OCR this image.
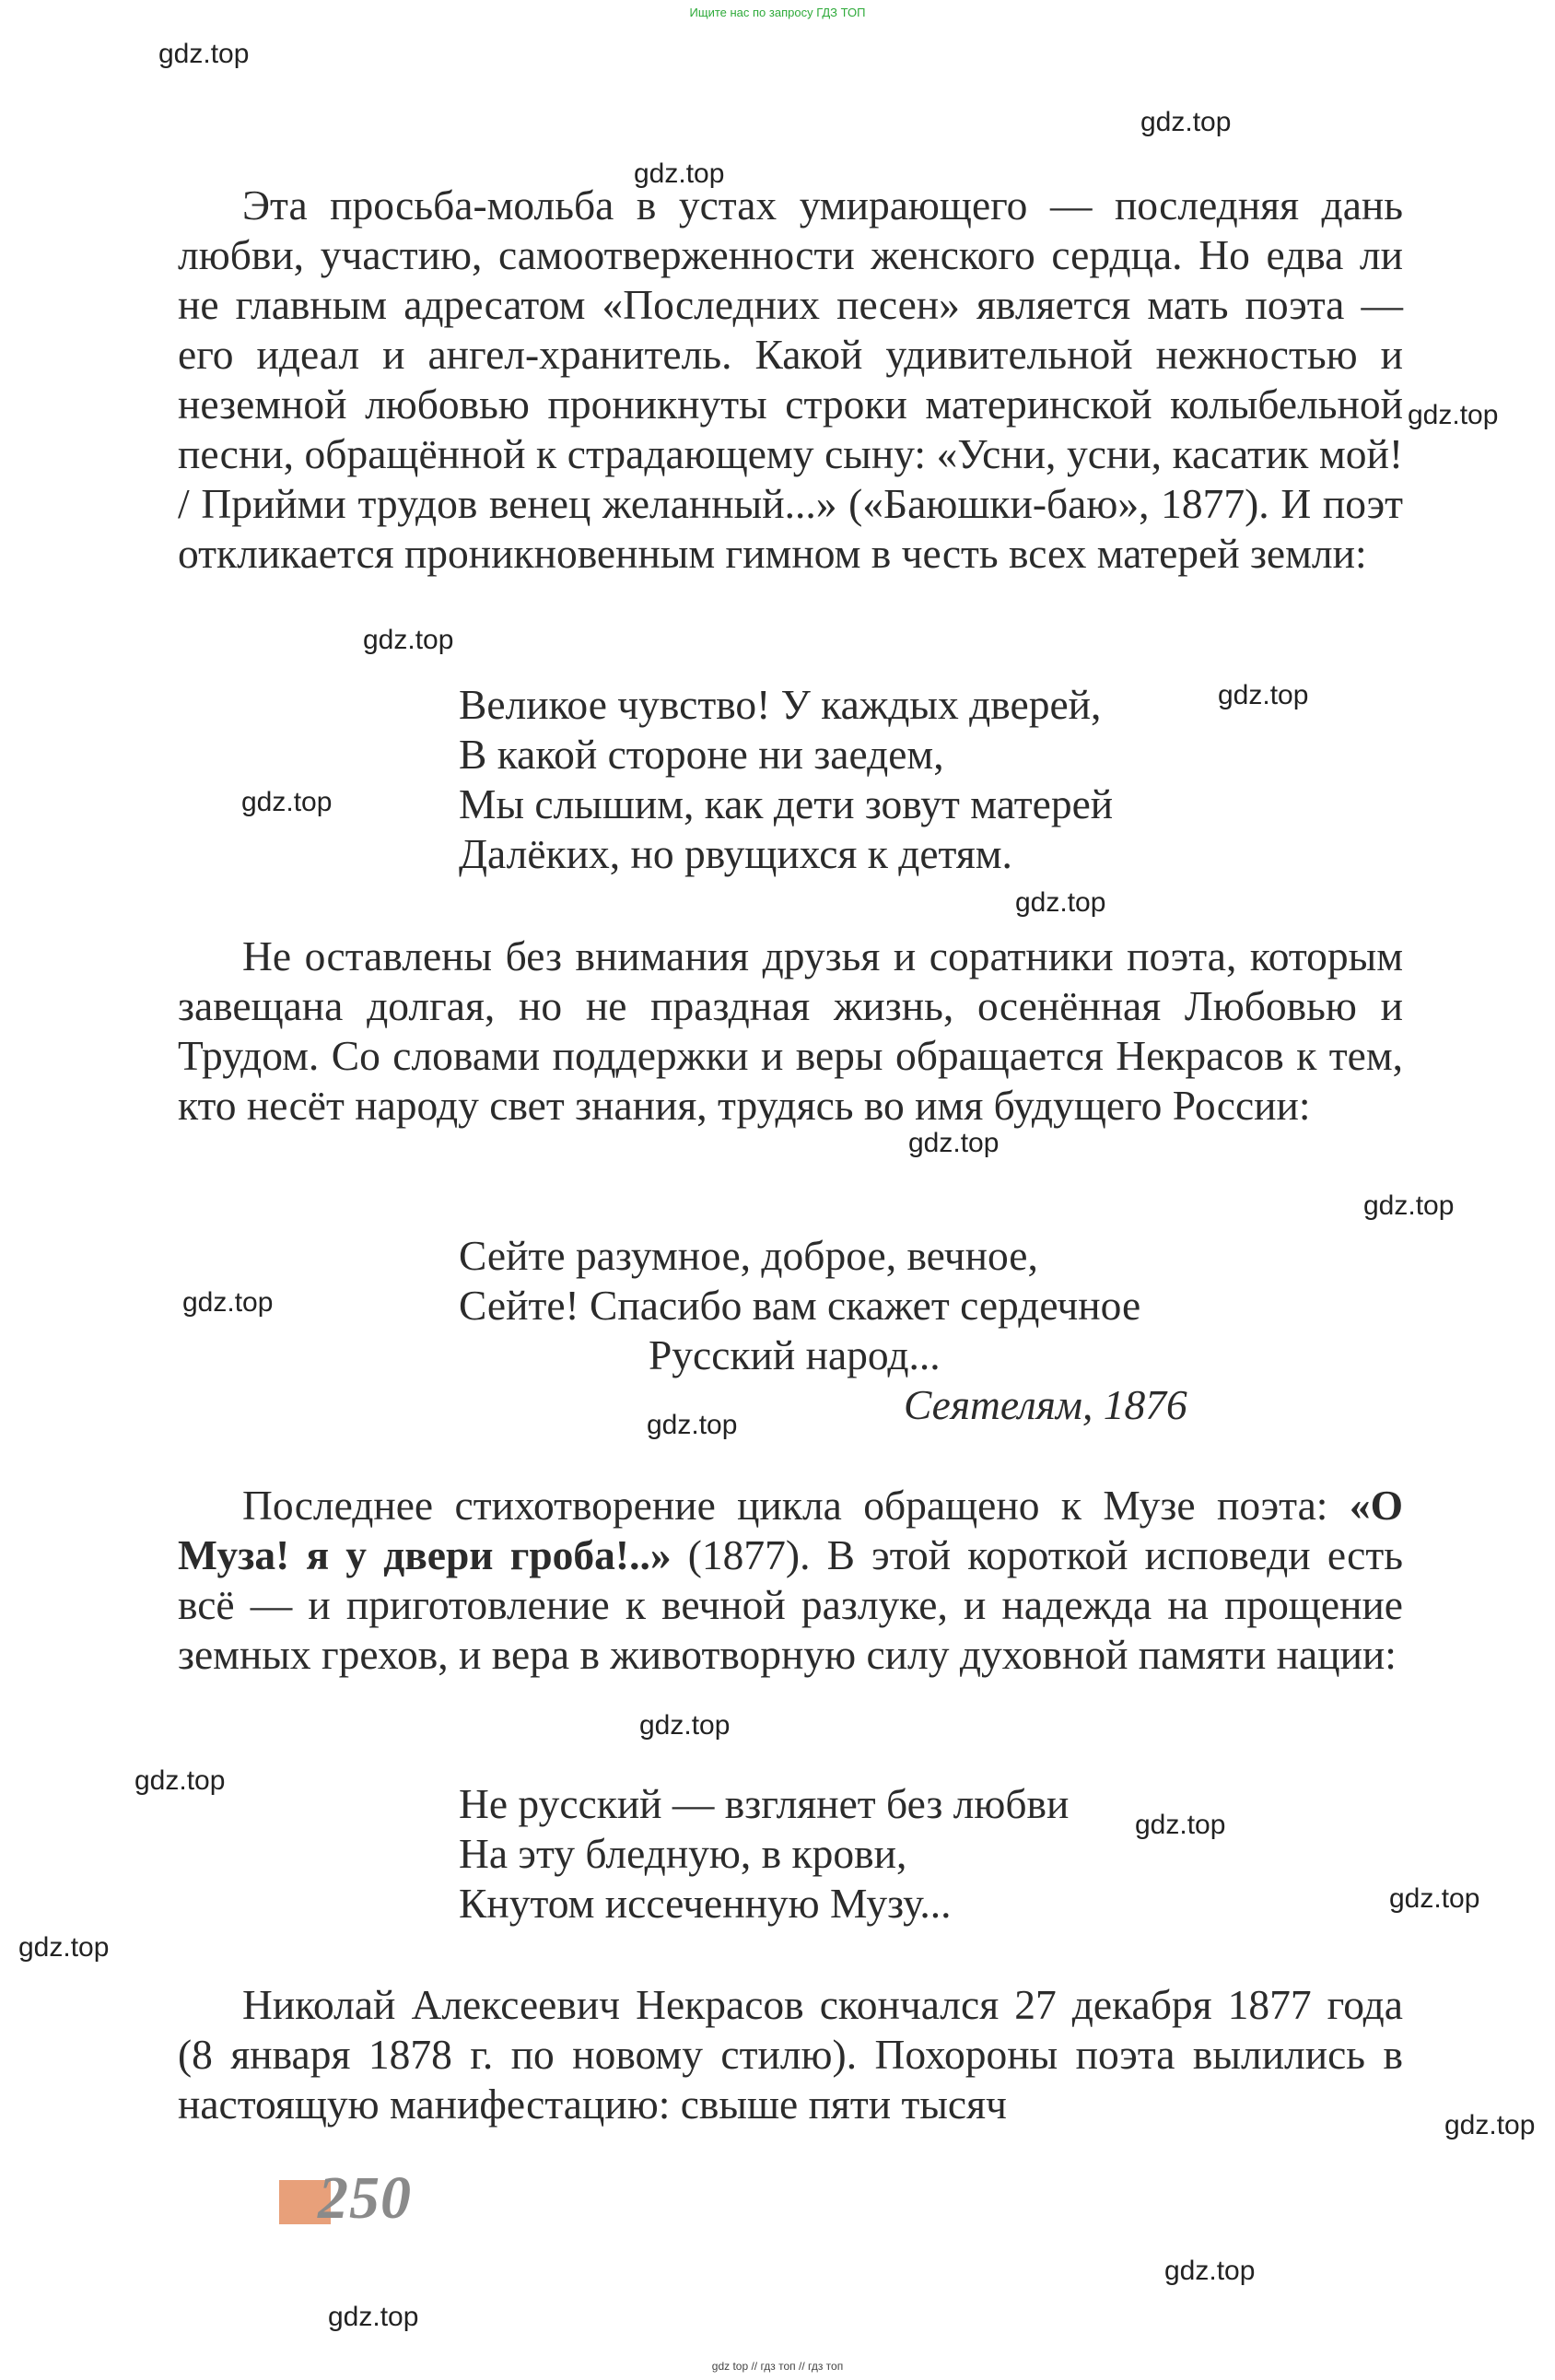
Ищите нас по запросу ГДЗ ТОП

Эта просьба-мольба в устах умирающего — последняя дань любви, участию, самоотверженности женского сердца. Но едва ли не главным адресатом «Последних песен» является мать поэта — его идеал и ангел-хранитель. Какой удивительной нежностью и неземной любовью проникнуты строки материнской колыбельной песни, обращённой к страдающему сыну: «Усни, усни, касатик мой! / Прийми трудов венец желанный...» («Баюшки-баю», 1877). И поэт откликается проникновенным гимном в честь всех матерей земли:

Великое чувство! У каждых дверей,
В какой стороне ни заедем,
Мы слышим, как дети зовут матерей
Далёких, но рвущихся к детям.

Не оставлены без внимания друзья и соратники поэта, которым завещана долгая, но не праздная жизнь, осенённая Любовью и Трудом. Со словами поддержки и веры обращается Некрасов к тем, кто несёт народу свет знания, трудясь во имя будущего России:

Сейте разумное, доброе, вечное,
Сейте! Спасибо вам скажет сердечное
Русский народ...
Сеятелям, 1876

Последнее стихотворение цикла обращено к Музе поэта: «О Муза! я у двери гроба!..» (1877). В этой короткой исповеди есть всё — и приготовление к вечной разлуке, и надежда на прощение земных грехов, и вера в животворную силу духовной памяти нации:

Не русский — взглянет без любви
На эту бледную, в крови,
Кнутом иссеченную Музу...

Николай Алексеевич Некрасов скончался 27 декабря 1877 года (8 января 1878 г. по новому стилю). Похороны поэта вылились в настоящую манифестацию: свыше пяти тысяч

250
gdz.top
gdz.top
gdz.top
gdz.top
gdz.top
gdz.top
gdz.top
gdz.top
gdz.top
gdz.top
gdz.top
gdz.top
gdz.top
gdz.top
gdz.top
gdz.top
gdz.top
gdz.top
gdz.top
gdz.top
gdz top // гдз топ // гдз топ
